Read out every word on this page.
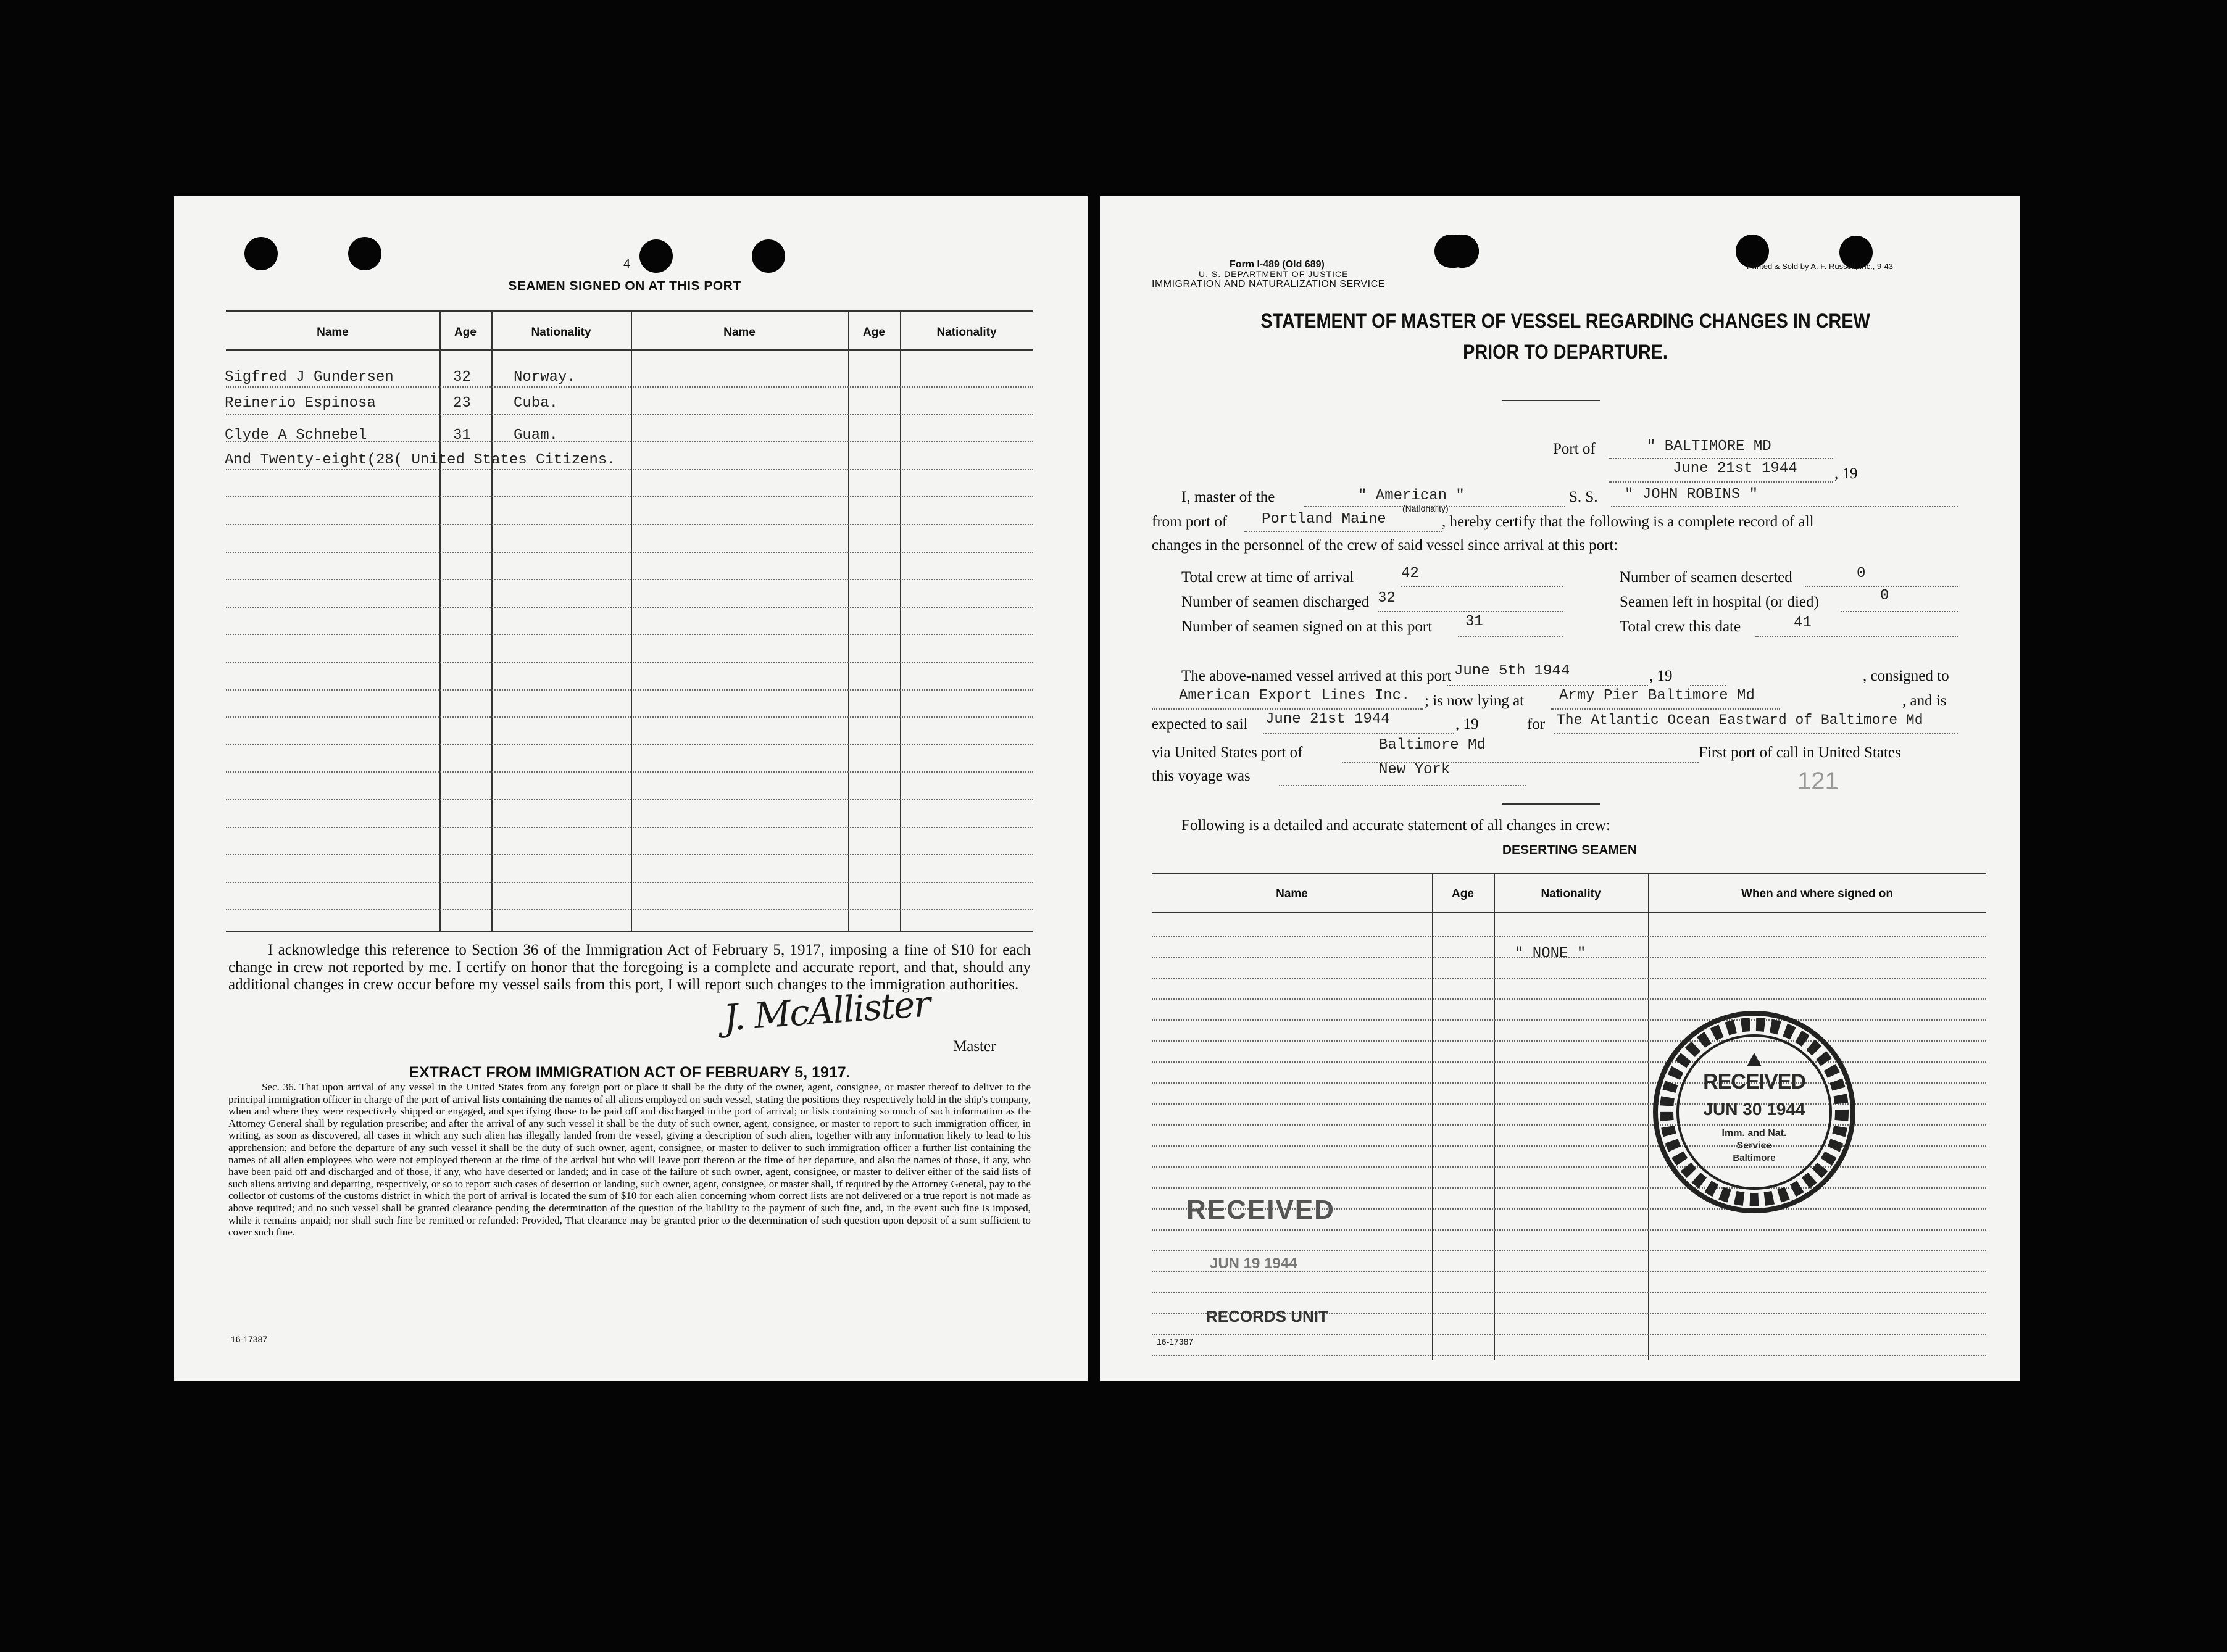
4
SEAMEN SIGNED ON AT THIS PORT
Name	Age	Nationality	Name	Age	Nationality
Sigfred J Gundersen	32	Norway.
Reinerio Espinosa	23	Cuba.
Clyde A Schnebel	31	Guam.
And Twenty-eight(28( United States Citizens.
I acknowledge this reference to Section 36 of the Immigration Act of February 5, 1917, imposing a fine of $10 for each change in crew not reported by me. I certify on honor that the foregoing is a complete and accurate report, and that, should any additional changes in crew occur before my vessel sails from this port, I will report such changes to the immigration authorities.
J. McAllister
Master
EXTRACT FROM IMMIGRATION ACT OF FEBRUARY 5, 1917.
Sec. 36. That upon arrival of any vessel in the United States from any foreign port or place it shall be the duty of the owner, agent, consignee, or master thereof to deliver to the principal immigration officer in charge of the port of arrival lists containing the names of all aliens employed on such vessel, stating the positions they respectively hold in the ship's company, when and where they were respectively shipped or engaged, and specifying those to be paid off and discharged in the port of arrival; or lists containing so much of such information as the Attorney General shall by regulation prescribe; and after the arrival of any such vessel it shall be the duty of such owner, agent, consignee, or master to report to such immigration officer, in writing, as soon as discovered, all cases in which any such alien has illegally landed from the vessel, giving a description of such alien, together with any information likely to lead to his apprehension; and before the departure of any such vessel it shall be the duty of such owner, agent, consignee, or master to deliver to such immigration officer a further list containing the names of all alien employees who were not employed thereon at the time of the arrival but who will leave port thereon at the time of her departure, and also the names of those, if any, who have been paid off and discharged and of those, if any, who have deserted or landed; and in case of the failure of such owner, agent, consignee, or master to deliver either of the said lists of such aliens arriving and departing, respectively, or so to report such cases of desertion or landing, such owner, agent, consignee, or master shall, if required by the Attorney General, pay to the collector of customs of the customs district in which the port of arrival is located the sum of $10 for each alien concerning whom correct lists are not delivered or a true report is not made as above required; and no such vessel shall be granted clearance pending the determination of the question of the liability to the payment of such fine, and, in the event such fine is imposed, while it remains unpaid; nor shall such fine be remitted or refunded: Provided, That clearance may be granted prior to the determination of such question upon deposit of a sum sufficient to cover such fine.
16-17387
Form I-489 (Old 689)
U. S. DEPARTMENT OF JUSTICE
IMMIGRATION AND NATURALIZATION SERVICE
Printed & Sold by A. F. Russell, Inc., 9-43
STATEMENT OF MASTER OF VESSEL REGARDING CHANGES IN CREW
PRIOR TO DEPARTURE.
Port of	" BALTIMORE MD
June 21st 1944 , 19
I, master of the	" American "
(Nationality)
S. S. " JOHN ROBINS "
from port of Portland Maine	, hereby certify that the following is a complete record of all
changes in the personnel of the crew of said vessel since arrival at this port:
Total crew at time of arrival	42
Number of seamen discharged 32
Number of seamen signed on at this port 31
Number of seamen deserted	0
Seamen left in hospital (or died)	0
Total crew this date	41
The above-named vessel arrived at this port June 5th 1944	, 19	, consigned to
American Export Lines Inc. ; is now lying at Army Pier Baltimore Md	, and is
expected to sail June 21st 1944	, 19	for The Atlantic Ocean Eastward of Baltimore Md
via United States port of	Baltimore Md	First port of call in United States
this voyage was	New York	121
Following is a detailed and accurate statement of all changes in crew:
DESERTING SEAMEN
Name	Age	Nationality	When and where signed on
" NONE "
RECEIVED
JUN 19 1944
RECORDS UNIT
RECEIVED
JUN 30 1944
Imm. and Nat.
Service
Baltimore
16-17387
